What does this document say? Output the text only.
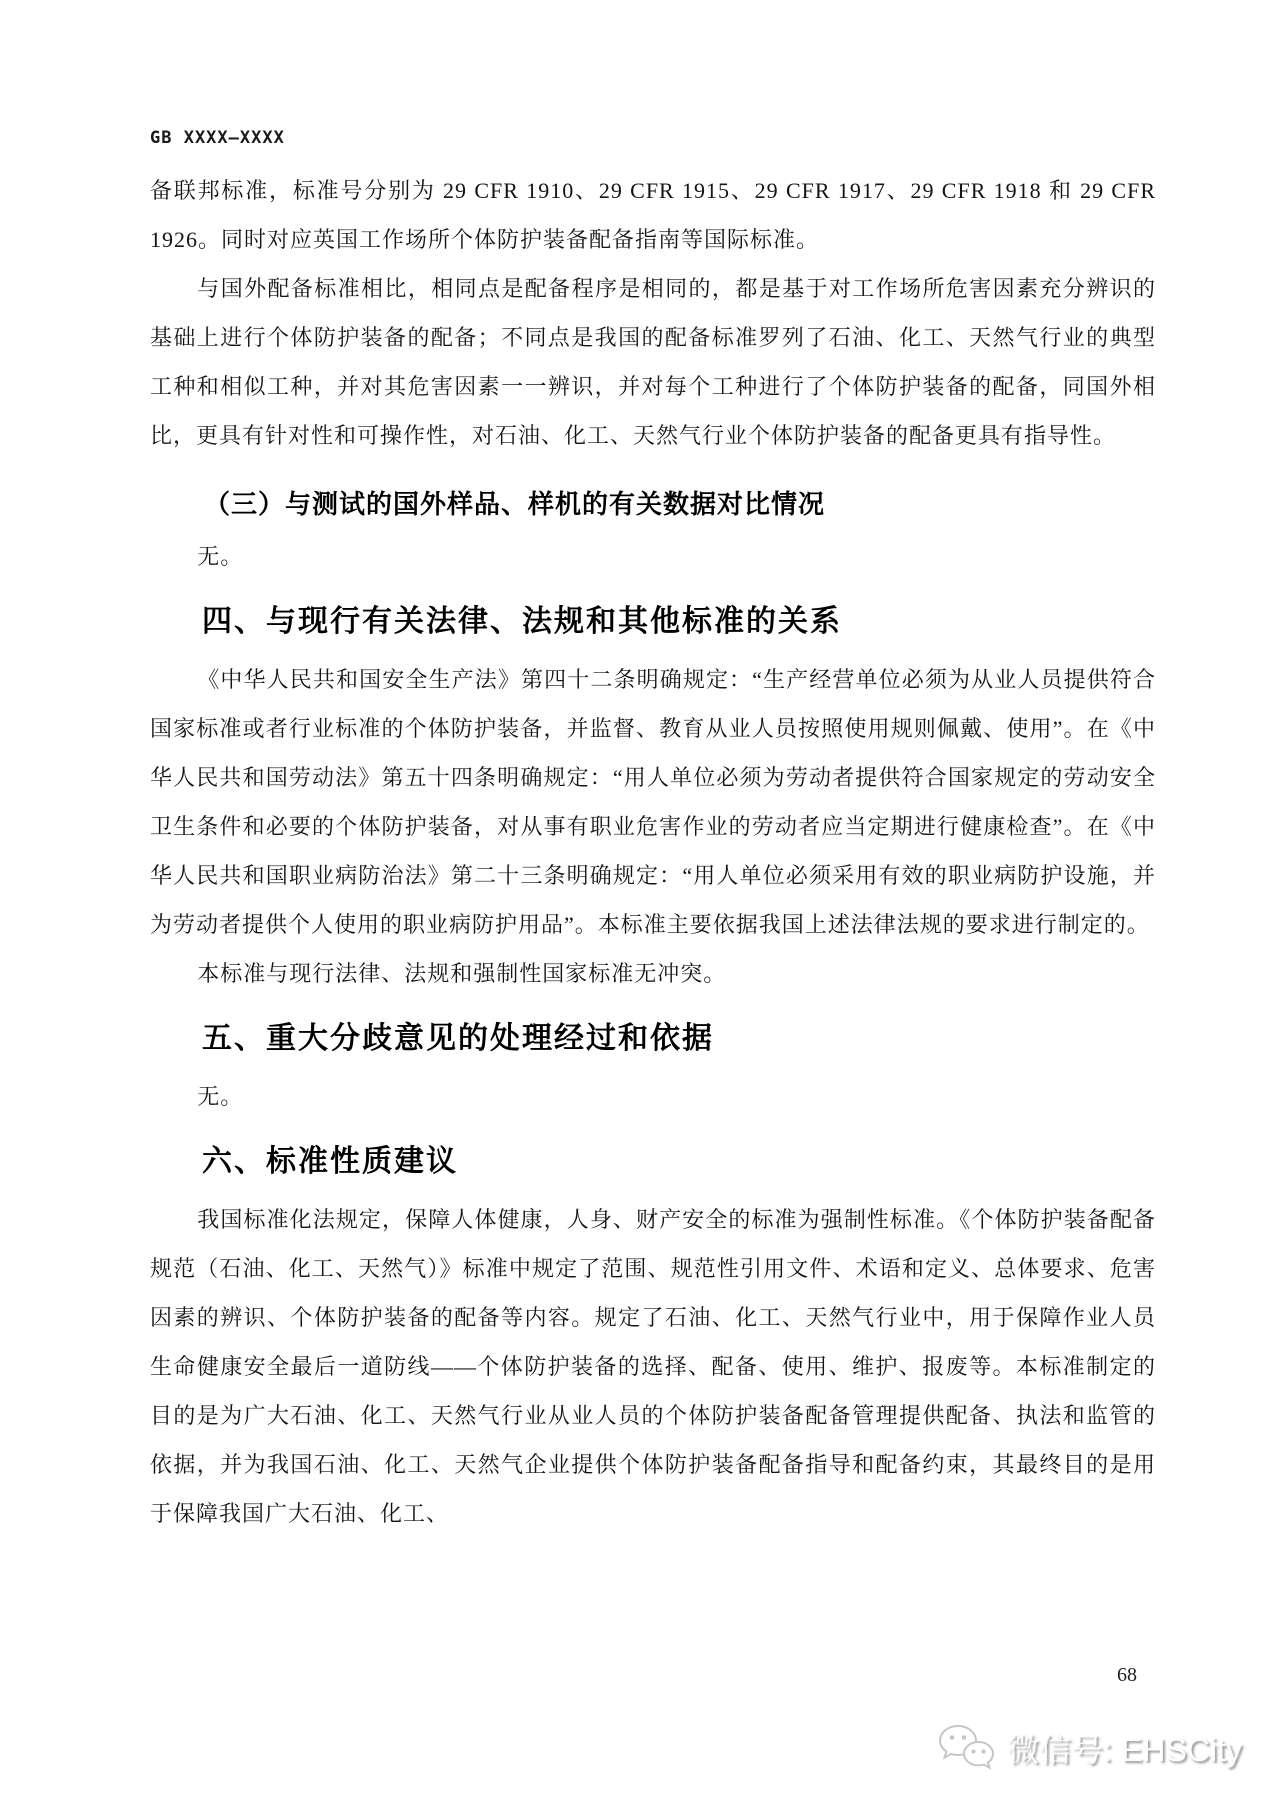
GB XXXX—XXXX

备联邦标准，标准号分别为 29 CFR 1910、29 CFR 1915、29 CFR 1917、29 CFR 1918 和 29 CFR 1926。同时对应英国工作场所个体防护装备配备指南等国际标准。

与国外配备标准相比，相同点是配备程序是相同的，都是基于对工作场所危害因素充分辨识的基础上进行个体防护装备的配备；不同点是我国的配备标准罗列了石油、化工、天然气行业的典型工种和相似工种，并对其危害因素一一辨识，并对每个工种进行了个体防护装备的配备，同国外相比，更具有针对性和可操作性，对石油、化工、天然气行业个体防护装备的配备更具有指导性。

（三）与测试的国外样品、样机的有关数据对比情况

无。

四、与现行有关法律、法规和其他标准的关系

《中华人民共和国安全生产法》第四十二条明确规定：“生产经营单位必须为从业人员提供符合国家标准或者行业标准的个体防护装备，并监督、教育从业人员按照使用规则佩戴、使用”。在《中华人民共和国劳动法》第五十四条明确规定：“用人单位必须为劳动者提供符合国家规定的劳动安全卫生条件和必要的个体防护装备，对从事有职业危害作业的劳动者应当定期进行健康检查”。在《中华人民共和国职业病防治法》第二十三条明确规定：“用人单位必须采用有效的职业病防护设施，并为劳动者提供个人使用的职业病防护用品”。本标准主要依据我国上述法律法规的要求进行制定的。

本标准与现行法律、法规和强制性国家标准无冲突。

五、重大分歧意见的处理经过和依据

无。

六、标准性质建议

我国标准化法规定，保障人体健康，人身、财产安全的标准为强制性标准。《个体防护装备配备规范（石油、化工、天然气）》标准中规定了范围、规范性引用文件、术语和定义、总体要求、危害因素的辨识、个体防护装备的配备等内容。规定了石油、化工、天然气行业中，用于保障作业人员生命健康安全最后一道防线——个体防护装备的选择、配备、使用、维护、报废等。本标准制定的目的是为广大石油、化工、天然气行业从业人员的个体防护装备配备管理提供配备、执法和监管的依据，并为我国石油、化工、天然气企业提供个体防护装备配备指导和配备约束，其最终目的是用于保障我国广大石油、化工、

68
微信号: EHSCity
